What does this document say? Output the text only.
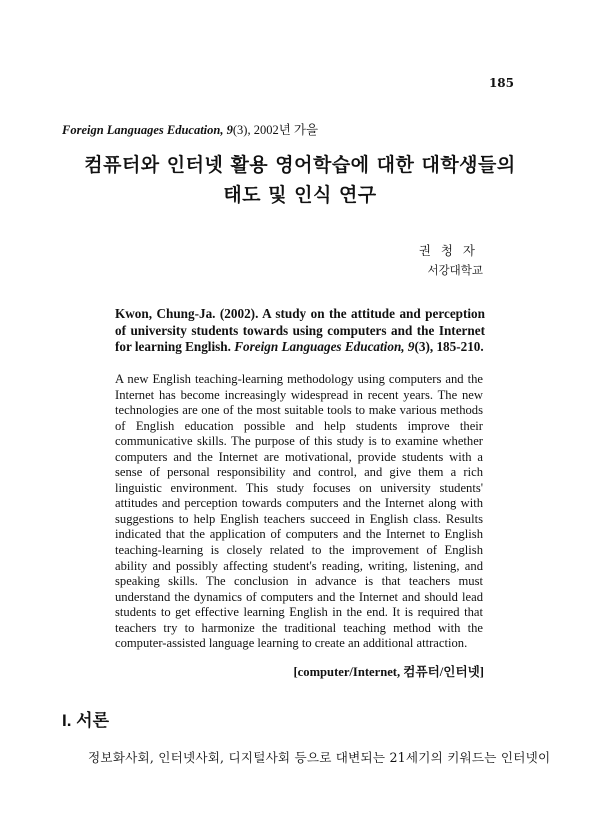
185
Foreign Languages Education, 9(3), 2002년 가을
컴퓨터와 인터넷 활용 영어학습에 대한 대학생들의
태도 및 인식 연구
권 청 자
서강대학교
Kwon, Chung-Ja. (2002). A study on the attitude and perception of university students towards using computers and the Internet for learning English. Foreign Languages Education, 9(3), 185-210.
A new English teaching-learning methodology using computers and the Internet has become increasingly widespread in recent years. The new technologies are one of the most suitable tools to make various methods of English education possible and help students improve their communicative skills. The purpose of this study is to examine whether computers and the Internet are motivational, provide students with a sense of personal responsibility and control, and give them a rich linguistic environment. This study focuses on university students' attitudes and perception towards computers and the Internet along with suggestions to help English teachers succeed in English class. Results indicated that the application of computers and the Internet to English teaching-learning is closely related to the improvement of English ability and possibly affecting student's reading, writing, listening, and speaking skills. The conclusion in advance is that teachers must understand the dynamics of computers and the Internet and should lead students to get effective learning English in the end. It is required that teachers try to harmonize the traditional teaching method with the computer-assisted language learning to create an additional attraction.
[computer/Internet, 컴퓨터/인터넷]
I. 서론
정보화사회, 인터넷사회, 디지털사회 등으로 대변되는 21세기의 키워드는 인터넷이
